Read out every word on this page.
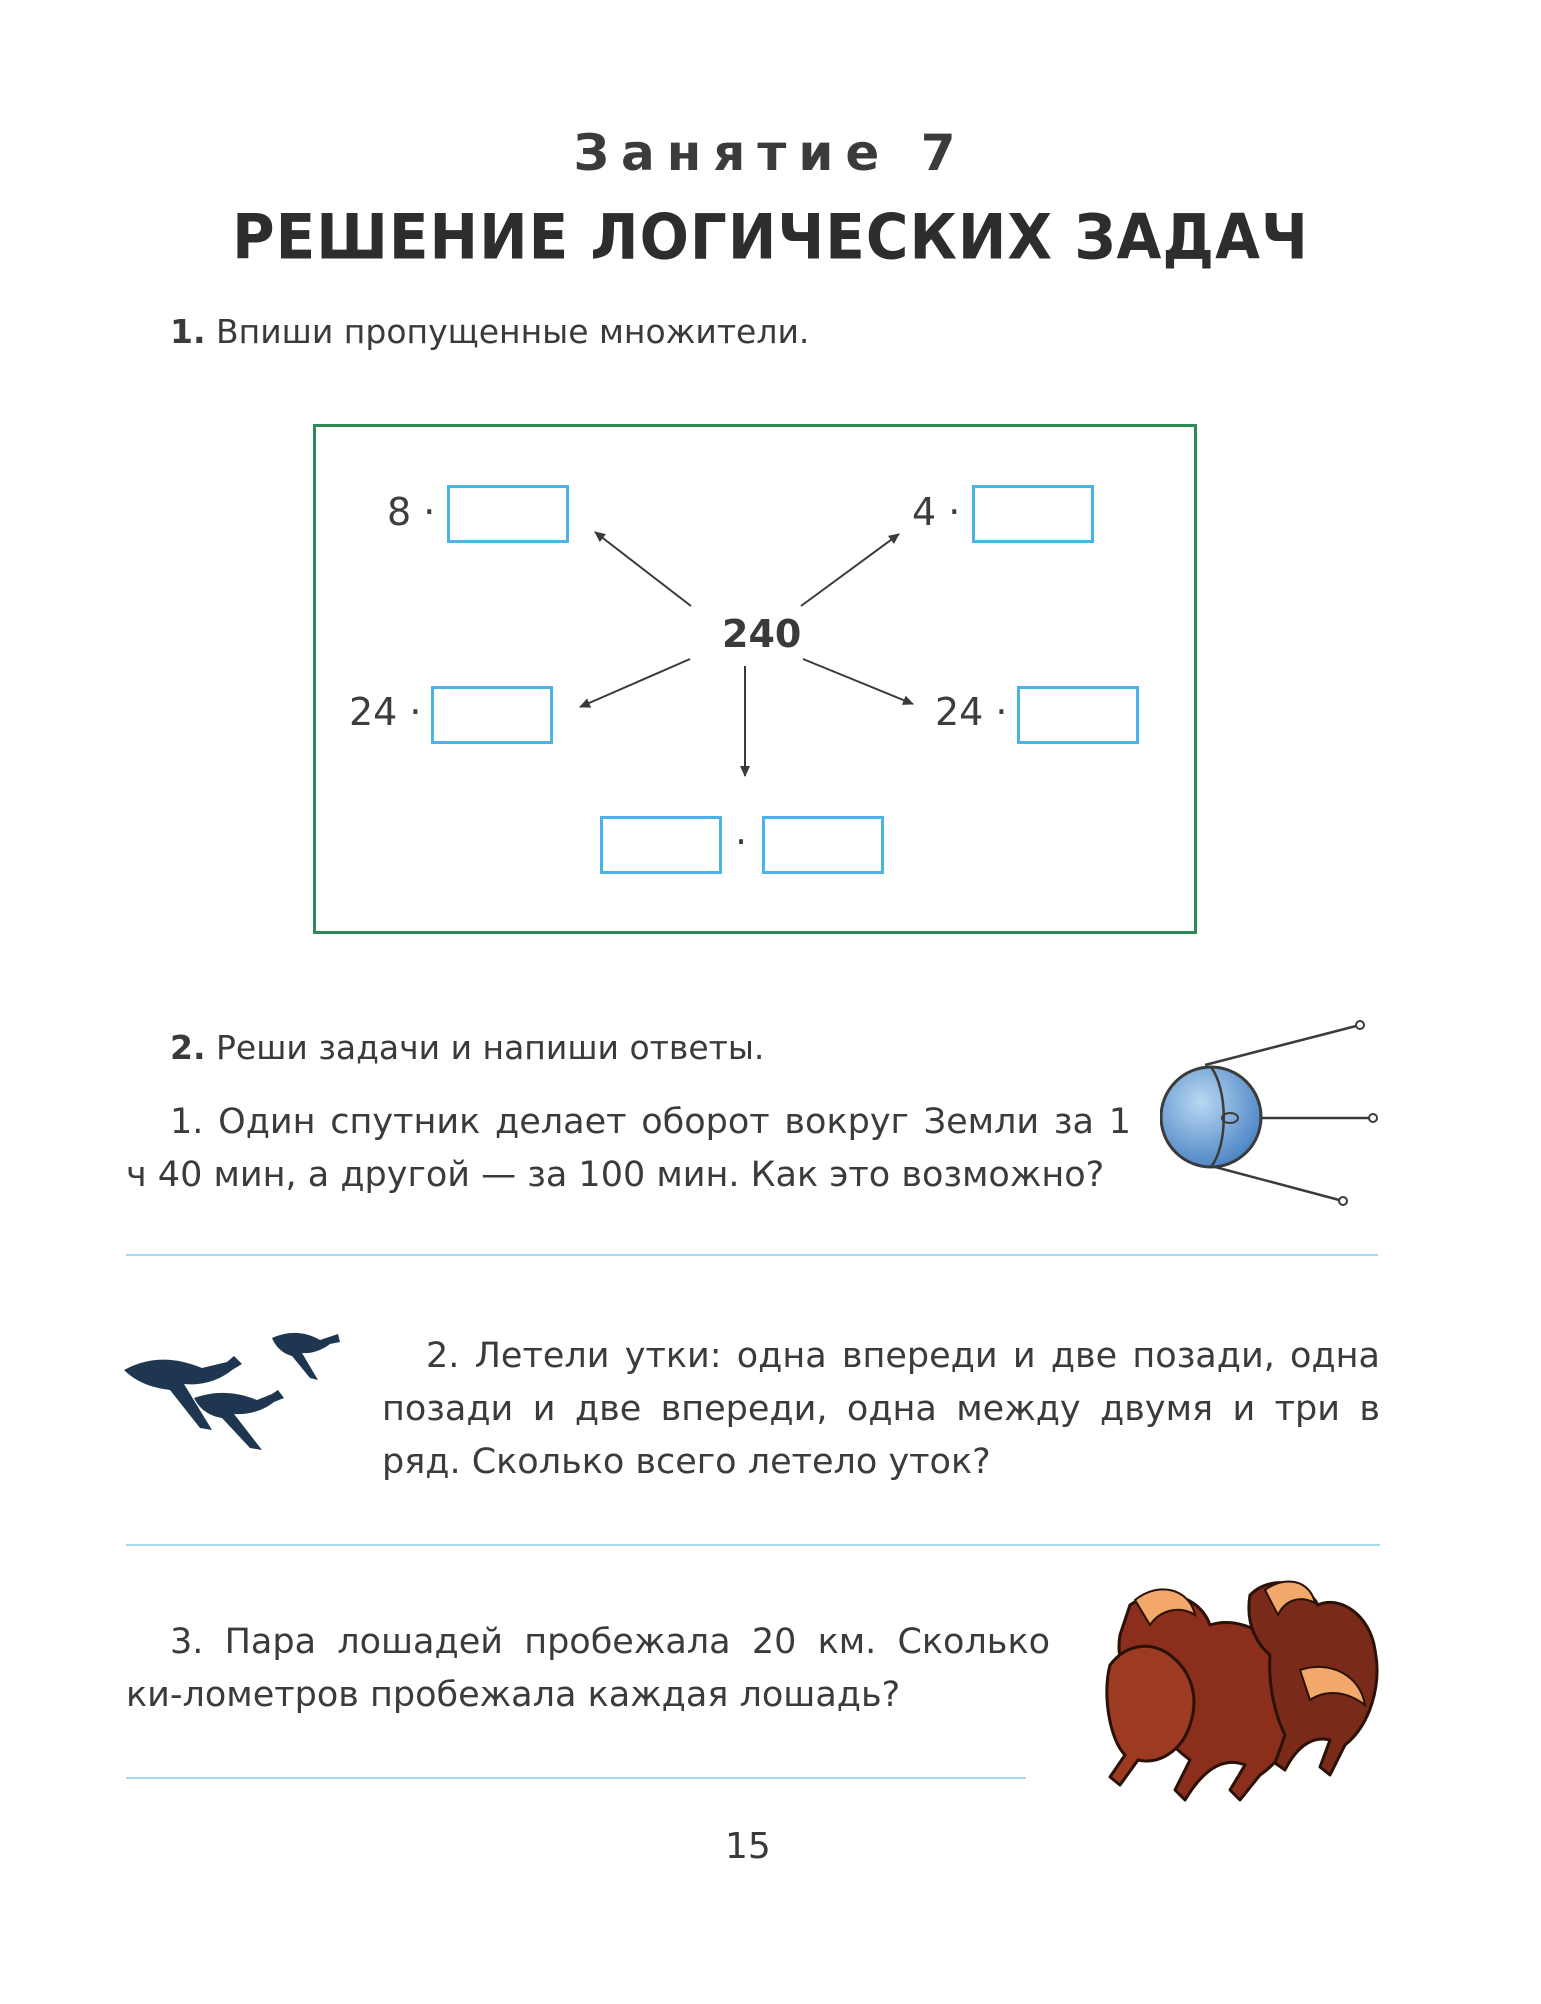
Занятие 7
РЕШЕНИЕ ЛОГИЧЕСКИХ ЗАДАЧ
1. Впиши пропущенные множители.
240
8 ·	4 ·
24 ·	24 ·
·
2. Реши задачи и напиши ответы.
1. Один спутник делает оборот вокруг Земли за 1 ч 40 мин, а другой — за 100 мин. Как это возможно?
2. Летели утки: одна впереди и две позади, одна позади и две впереди, одна между двумя и три в ряд. Сколько всего летело уток?
3. Пара лошадей пробежала 20 км. Сколько ки-лометров пробежала каждая лошадь?
15
